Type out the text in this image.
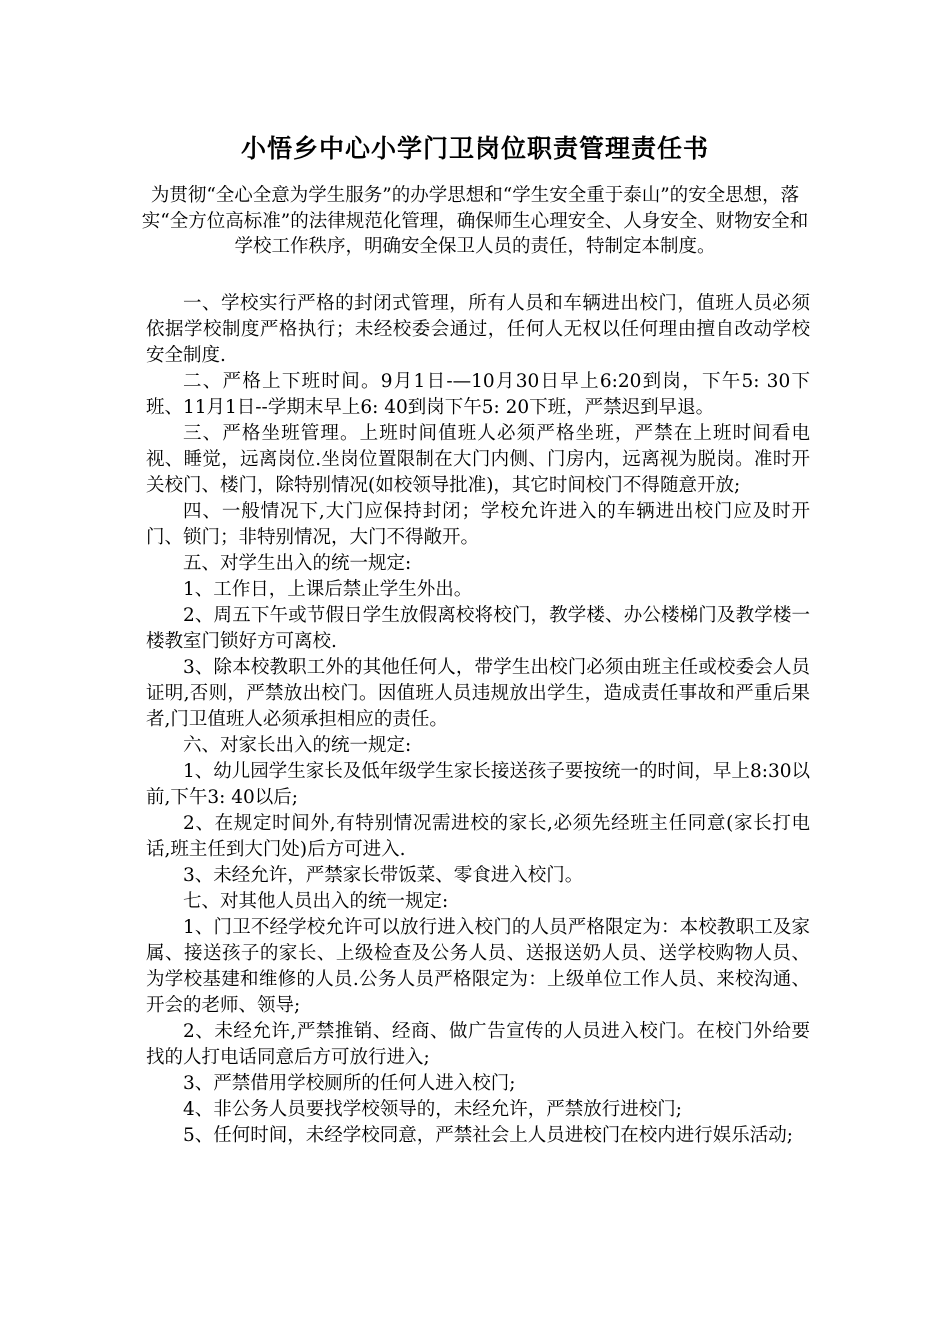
小悟乡中心小学门卫岗位职责管理责任书

为贯彻“全心全意为学生服务”的办学思想和“学生安全重于泰山”的安全思想，落实“全方位高标准”的法律规范化管理，确保师生心理安全、人身安全、财物安全和学校工作秩序，明确安全保卫人员的责任，特制定本制度。

一、学校实行严格的封闭式管理，所有人员和车辆进出校门，值班人员必须依据学校制度严格执行；未经校委会通过，任何人无权以任何理由擅自改动学校安全制度.

二、严格上下班时间。9月1日-—10月30日早上6:20到岗，下午5: 30下班、11月1日--学期末早上6: 40到岗下午5: 20下班，严禁迟到早退。

三、严格坐班管理。上班时间值班人必须严格坐班，严禁在上班时间看电视、睡觉，远离岗位.坐岗位置限制在大门内侧、门房内，远离视为脱岗。准时开关校门、楼门，除特别情况(如校领导批准)，其它时间校门不得随意开放;

四、一般情况下,大门应保持封闭；学校允许进入的车辆进出校门应及时开门、锁门；非特别情况，大门不得敞开。

五、对学生出入的统一规定:

1、工作日，上课后禁止学生外出。

2、周五下午或节假日学生放假离校将校门，教学楼、办公楼梯门及教学楼一楼教室门锁好方可离校.

3、除本校教职工外的其他任何人，带学生出校门必须由班主任或校委会人员证明,否则，严禁放出校门。因值班人员违规放出学生，造成责任事故和严重后果者,门卫值班人必须承担相应的责任。

六、对家长出入的统一规定:

1、幼儿园学生家长及低年级学生家长接送孩子要按统一的时间，早上8:30以前,下午3: 40以后;

2、在规定时间外,有特别情况需进校的家长,必须先经班主任同意(家长打电话,班主任到大门处)后方可进入.

3、未经允许，严禁家长带饭菜、零食进入校门。

七、对其他人员出入的统一规定:

1、门卫不经学校允许可以放行进入校门的人员严格限定为：本校教职工及家属、接送孩子的家长、上级检查及公务人员、送报送奶人员、送学校购物人员、为学校基建和维修的人员.公务人员严格限定为：上级单位工作人员、来校沟通、开会的老师、领导;

2、未经允许,严禁推销、经商、做广告宣传的人员进入校门。在校门外给要找的人打电话同意后方可放行进入;

3、严禁借用学校厕所的任何人进入校门;

4、非公务人员要找学校领导的，未经允许，严禁放行进校门;

5、任何时间，未经学校同意，严禁社会上人员进校门在校内进行娱乐活动;
